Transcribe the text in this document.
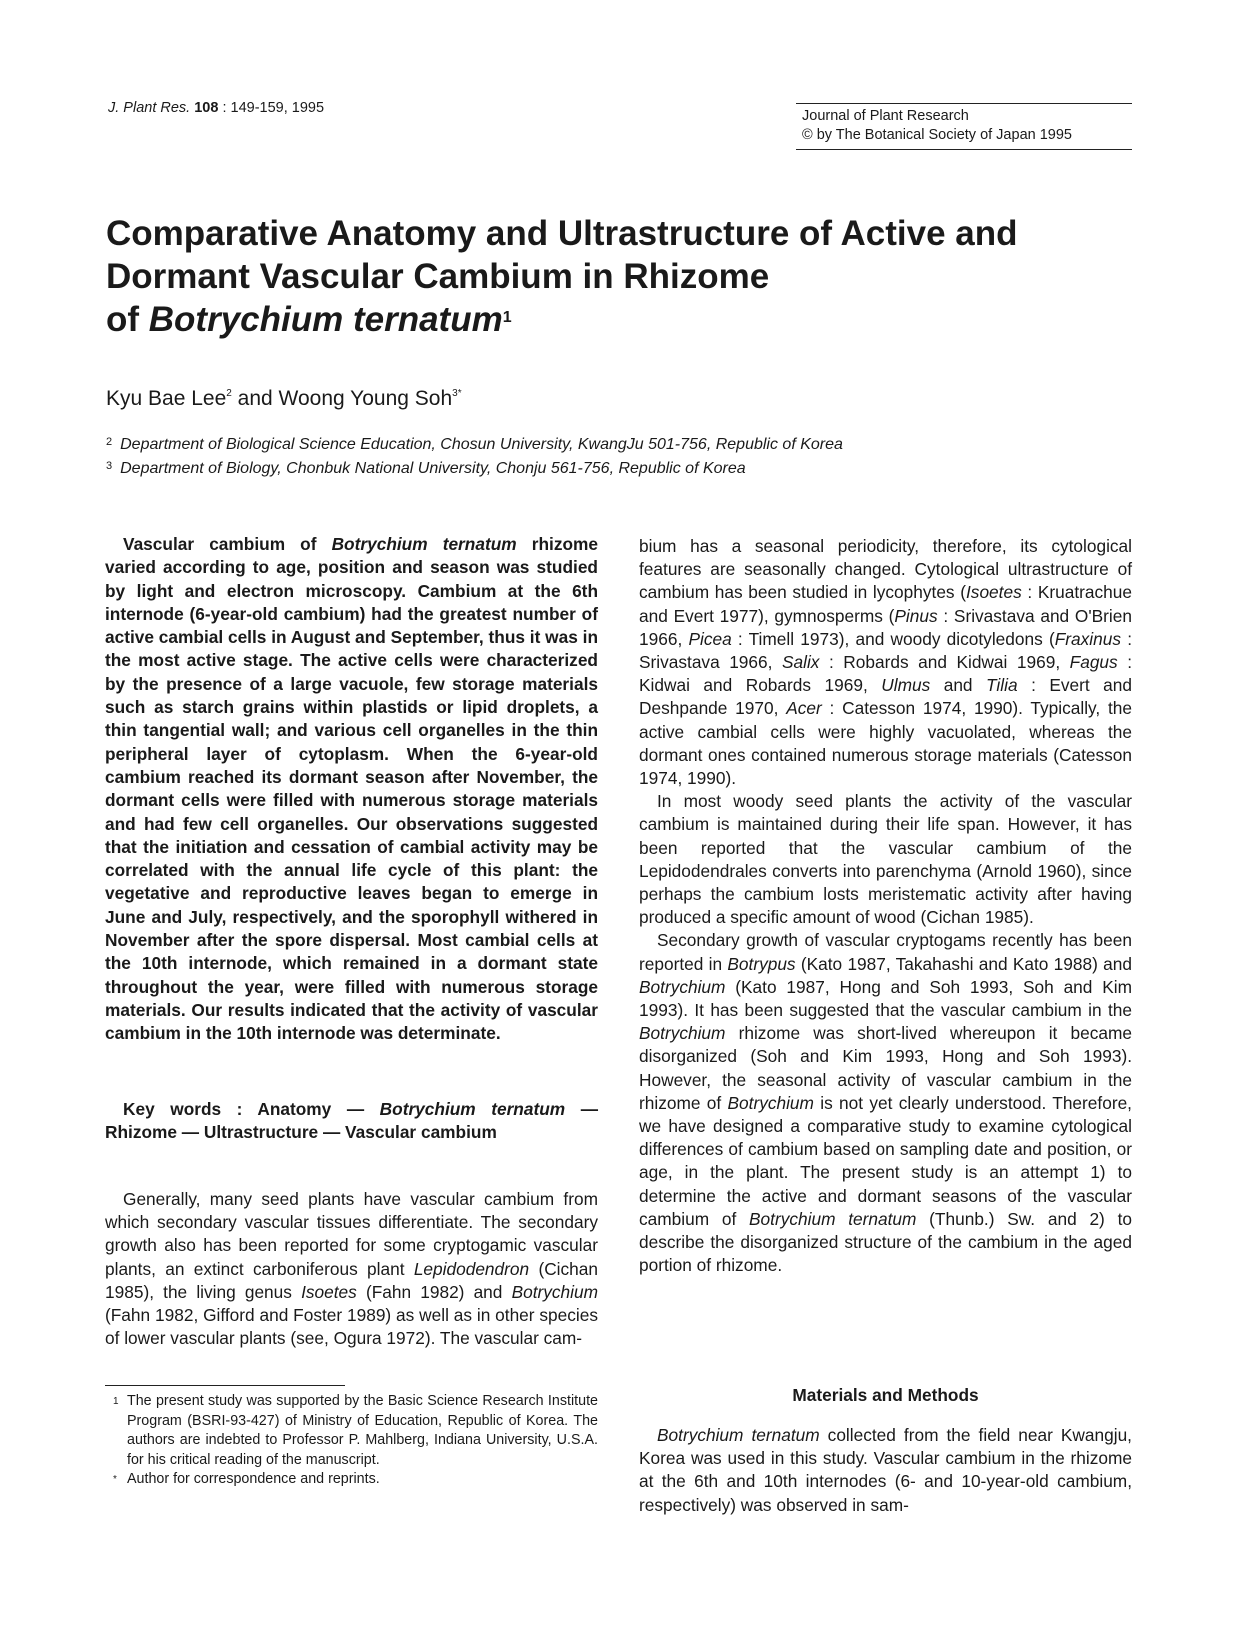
J. Plant Res. 108 : 149-159, 1995	Journal of Plant Research
© by The Botanical Society of Japan 1995
Comparative Anatomy and Ultrastructure of Active and
Dormant Vascular Cambium in Rhizome
of Botrychium ternatum$^1$
Kyu Bae Lee$^2$ and Woong Young Soh$^{3*}$
$^2$ Department of Biological Science Education, Chosun University, KwangJu 501-756, Republic of Korea
$^3$ Department of Biology, Chonbuk National University, Chonju 561-756, Republic of Korea
Vascular cambium of Botrychium ternatum rhizome varied according to age, position and season was studied by light and electron microscopy. Cambium at the 6th internode (6-year-old cambium) had the greatest number of active cambial cells in August and September, thus it was in the most active stage. The active cells were characterized by the presence of a large vacuole, few storage materials such as starch grains within plastids or lipid droplets, a thin tangential wall; and various cell organelles in the thin peripheral layer of cytoplasm. When the 6-year-old cambium reached its dormant season after November, the dormant cells were filled with numerous storage materials and had few cell organelles. Our observations suggested that the initiation and cessation of cambial activity may be correlated with the annual life cycle of this plant: the vegetative and reproductive leaves began to emerge in June and July, respectively, and the sporophyll withered in November after the spore dispersal. Most cambial cells at the 10th internode, which remained in a dormant state throughout the year, were filled with numerous storage materials. Our results indicated that the activity of vascular cambium in the 10th internode was determinate.
Key words : Anatomy — Botrychium ternatum — Rhizome — Ultrastructure — Vascular cambium

Generally, many seed plants have vascular cambium from which secondary vascular tissues differentiate. The secondary growth also has been reported for some cryptogamic vascular plants, an extinct carboniferous plant Lepidodendron (Cichan 1985), the living genus Isoetes (Fahn 1982) and Botrychium (Fahn 1982, Gifford and Foster 1989) as well as in other species of lower vascular plants (see, Ogura 1972). The vascular cam-

1 The present study was supported by the Basic Science Research Institute Program (BSRI-93-427) of Ministry of Education, Republic of Korea. The authors are indebted to Professor P. Mahlberg, Indiana University, U.S.A. for his critical reading of the manuscript.
* Author for correspondence and reprints.

bium has a seasonal periodicity, therefore, its cytological features are seasonally changed. Cytological ultrastructure of cambium has been studied in lycophytes (Isoetes : Kruatrachue and Evert 1977), gymnosperms (Pinus : Srivastava and O'Brien 1966, Picea : Timell 1973), and woody dicotyledons (Fraxinus : Srivastava 1966, Salix : Robards and Kidwai 1969, Fagus : Kidwai and Robards 1969, Ulmus and Tilia : Evert and Deshpande 1970, Acer : Catesson 1974, 1990). Typically, the active cambial cells were highly vacuolated, whereas the dormant ones contained numerous storage materials (Catesson 1974, 1990).

In most woody seed plants the activity of the vascular cambium is maintained during their life span. However, it has been reported that the vascular cambium of the Lepidodendrales converts into parenchyma (Arnold 1960), since perhaps the cambium losts meristematic activity after having produced a specific amount of wood (Cichan 1985).

Secondary growth of vascular cryptogams recently has been reported in Botrypus (Kato 1987, Takahashi and Kato 1988) and Botrychium (Kato 1987, Hong and Soh 1993, Soh and Kim 1993). It has been suggested that the vascular cambium in the Botrychium rhizome was short-lived whereupon it became disorganized (Soh and Kim 1993, Hong and Soh 1993). However, the seasonal activity of vascular cambium in the rhizome of Botrychium is not yet clearly understood. Therefore, we have designed a comparative study to examine cytological differences of cambium based on sampling date and position, or age, in the plant. The present study is an attempt 1) to determine the active and dormant seasons of the vascular cambium of Botrychium ternatum (Thunb.) Sw. and 2) to describe the disorganized structure of the cambium in the aged portion of rhizome.

Materials and Methods

Botrychium ternatum collected from the field near Kwangju, Korea was used in this study. Vascular cambium in the rhizome at the 6th and 10th internodes (6- and 10-year-old cambium, respectively) was observed in sam-
